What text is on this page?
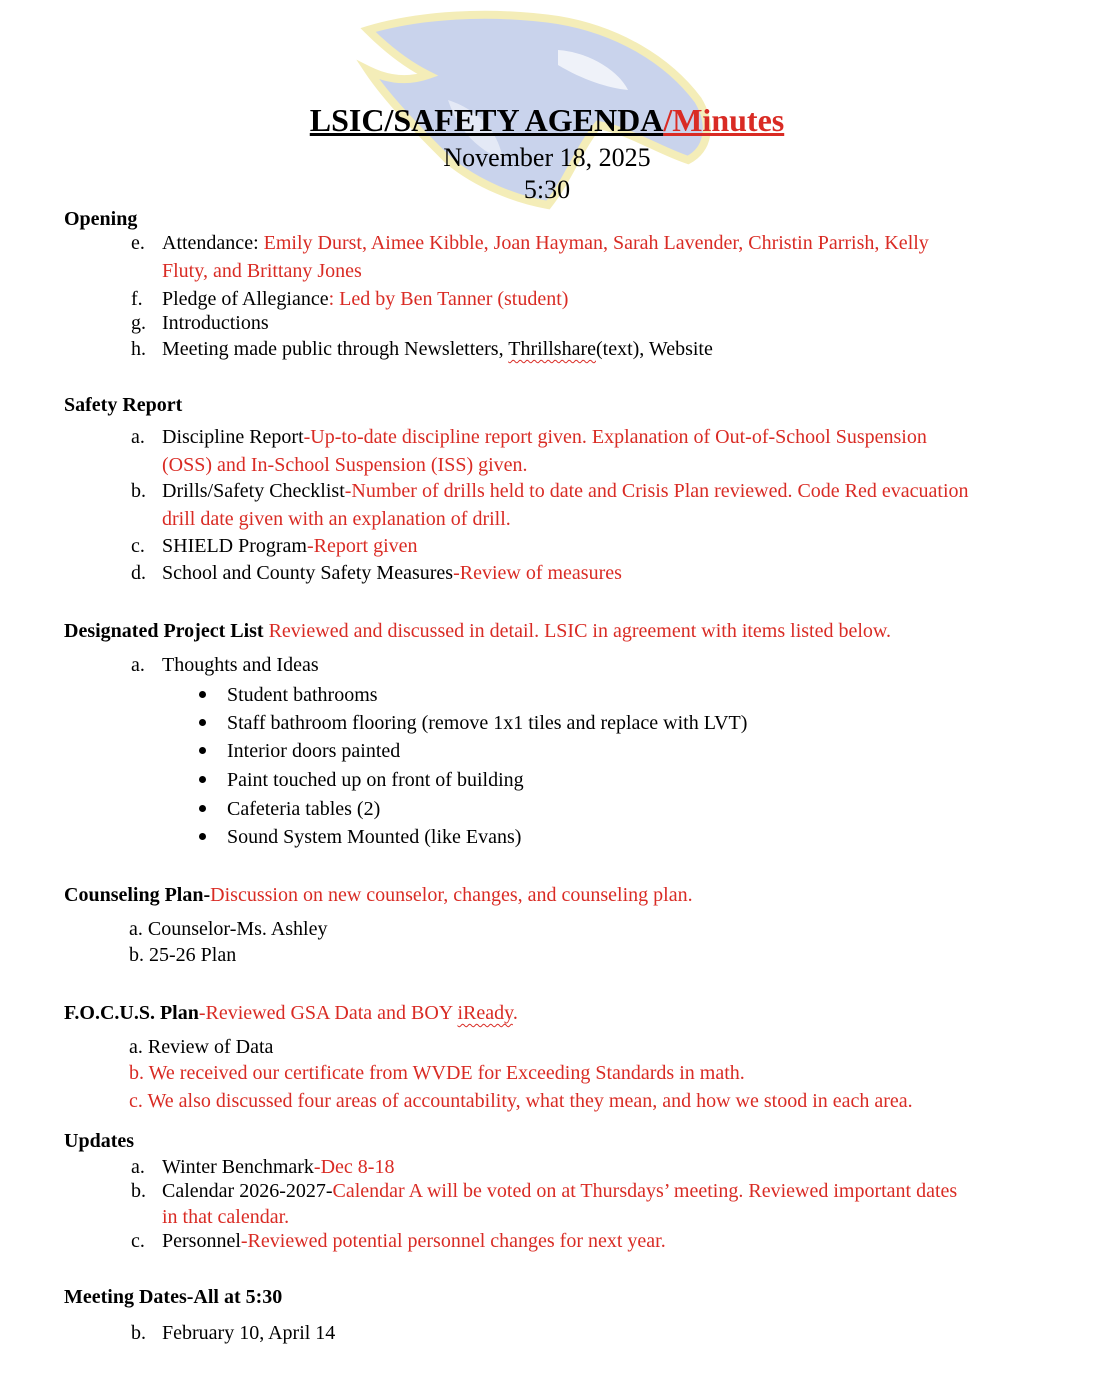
LSIC/SAFETY AGENDA/Minutes
November 18, 2025
5:30
Opening
e. Attendance: Emily Durst, Aimee Kibble, Joan Hayman, Sarah Lavender, Christin Parrish, Kelly
Fluty, and Brittany Jones
f. Pledge of Allegiance: Led by Ben Tanner (student)
g. Introductions
h. Meeting made public through Newsletters, Thrillshare(text), Website
Safety Report
a. Discipline Report-Up-to-date discipline report given. Explanation of Out-of-School Suspension
(OSS) and In-School Suspension (ISS) given.
b. Drills/Safety Checklist-Number of drills held to date and Crisis Plan reviewed. Code Red evacuation
drill date given with an explanation of drill.
c. SHIELD Program-Report given
d. School and County Safety Measures-Review of measures
Designated Project List Reviewed and discussed in detail. LSIC in agreement with items listed below.
a. Thoughts and Ideas
Student bathrooms
Staff bathroom flooring (remove 1x1 tiles and replace with LVT)
Interior doors painted
Paint touched up on front of building
Cafeteria tables (2)
Sound System Mounted (like Evans)
Counseling Plan-Discussion on new counselor, changes, and counseling plan.
a. Counselor-Ms. Ashley
b. 25-26 Plan
F.O.C.U.S. Plan-Reviewed GSA Data and BOY iReady.
a. Review of Data
b. We received our certificate from WVDE for Exceeding Standards in math.
c. We also discussed four areas of accountability, what they mean, and how we stood in each area.
Updates
a. Winter Benchmark-Dec 8-18
b. Calendar 2026-2027-Calendar A will be voted on at Thursdays’ meeting. Reviewed important dates
in that calendar.
c. Personnel-Reviewed potential personnel changes for next year.
Meeting Dates-All at 5:30
b. February 10, April 14
